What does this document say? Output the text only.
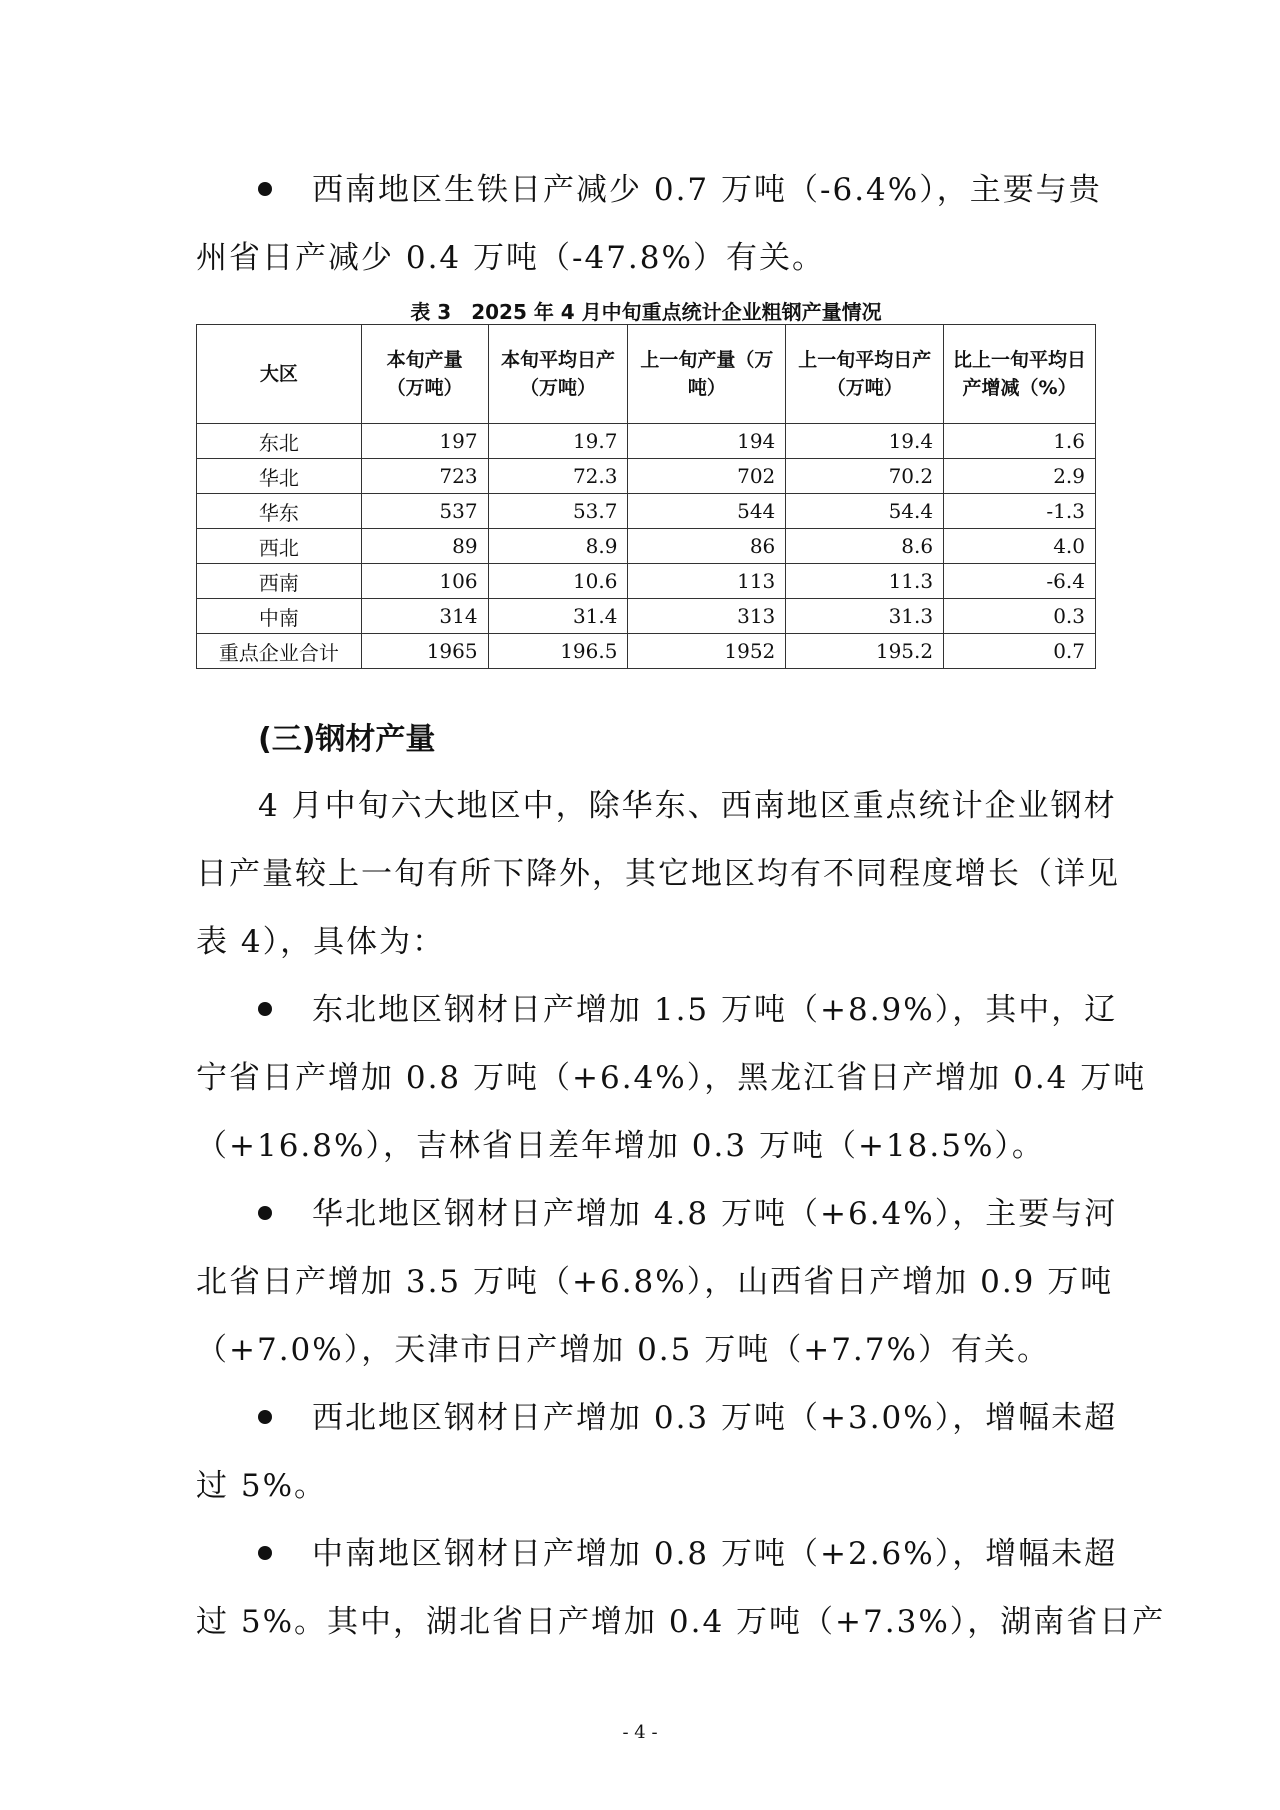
西南地区生铁日产减少 0.7 万吨（-6.4%），主要与贵
州省日产减少 0.4 万吨（-47.8%）有关。
表 3　2025 年 4 月中旬重点统计企业粗钢产量情况
大区	本旬产量（万吨）	本旬平均日产（万吨）	上一旬产量（万吨）	上一旬平均日产（万吨）	比上一旬平均日产增减（%）
东北	197	19.7	194	19.4	1.6
华北	723	72.3	702	70.2	2.9
华东	537	53.7	544	54.4	-1.3
西北	89	8.9	86	8.6	4.0
西南	106	10.6	113	11.3	-6.4
中南	314	31.4	313	31.3	0.3
重点企业合计	1965	196.5	1952	195.2	0.7
(三)钢材产量
4 月中旬六大地区中，除华东、西南地区重点统计企业钢材
日产量较上一旬有所下降外，其它地区均有不同程度增长（详见
表 4），具体为：
东北地区钢材日产增加 1.5 万吨（+8.9%），其中，辽
宁省日产增加 0.8 万吨（+6.4%），黑龙江省日产增加 0.4 万吨
（+16.8%），吉林省日差年增加 0.3 万吨（+18.5%）。
华北地区钢材日产增加 4.8 万吨（+6.4%），主要与河
北省日产增加 3.5 万吨（+6.8%），山西省日产增加 0.9 万吨
（+7.0%），天津市日产增加 0.5 万吨（+7.7%）有关。
西北地区钢材日产增加 0.3 万吨（+3.0%），增幅未超
过 5%。
中南地区钢材日产增加 0.8 万吨（+2.6%），增幅未超
过 5%。其中，湖北省日产增加 0.4 万吨（+7.3%），湖南省日产
- 4 -
